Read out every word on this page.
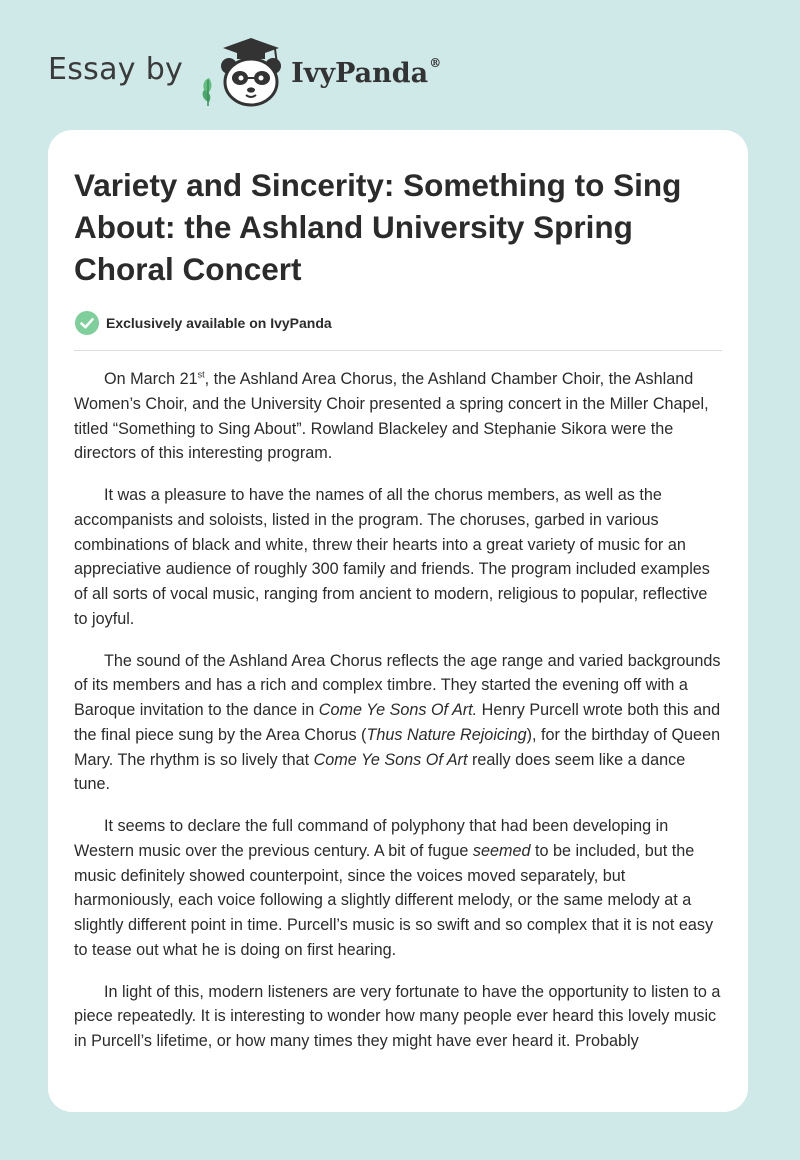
Essay by	IvyPanda®
Variety and Sincerity: Something to Sing About: the Ashland University Spring Choral Concert
Exclusively available on IvyPanda

On March 21st, the Ashland Area Chorus, the Ashland Chamber Choir, the Ashland Women’s Choir, and the University Choir presented a spring concert in the Miller Chapel, titled “Something to Sing About”. Rowland Blackeley and Stephanie Sikora were the directors of this interesting program.

It was a pleasure to have the names of all the chorus members, as well as the accompanists and soloists, listed in the program. The choruses, garbed in various combinations of black and white, threw their hearts into a great variety of music for an appreciative audience of roughly 300 family and friends. The program included examples of all sorts of vocal music, ranging from ancient to modern, religious to popular, reflective to joyful.

The sound of the Ashland Area Chorus reflects the age range and varied backgrounds of its members and has a rich and complex timbre. They started the evening off with a Baroque invitation to the dance in Come Ye Sons Of Art. Henry Purcell wrote both this and the final piece sung by the Area Chorus (Thus Nature Rejoicing), for the birthday of Queen Mary. The rhythm is so lively that Come Ye Sons Of Art really does seem like a dance tune.

It seems to declare the full command of polyphony that had been developing in Western music over the previous century. A bit of fugue seemed to be included, but the music definitely showed counterpoint, since the voices moved separately, but harmoniously, each voice following a slightly different melody, or the same melody at a slightly different point in time. Purcell’s music is so swift and so complex that it is not easy to tease out what he is doing on first hearing.

In light of this, modern listeners are very fortunate to have the opportunity to listen to a piece repeatedly. It is interesting to wonder how many people ever heard this lovely music in Purcell’s lifetime, or how many times they might have ever heard it. Probably
